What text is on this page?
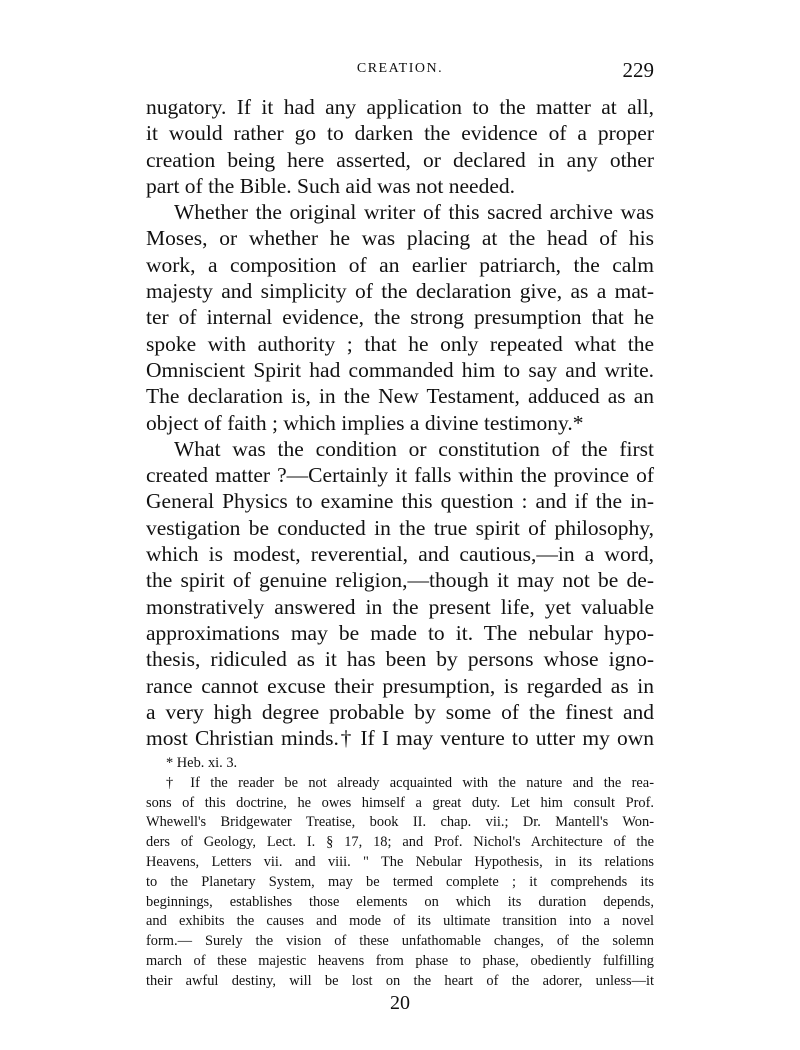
CREATION.	229
nugatory. If it had any application to the matter at all,
it would rather go to darken the evidence of a proper
creation being here asserted, or declared in any other
part of the Bible. Such aid was not needed.
Whether the original writer of this sacred archive was
Moses, or whether he was placing at the head of his
work, a composition of an earlier patriarch, the calm
majesty and simplicity of the declaration give, as a mat-
ter of internal evidence, the strong presumption that he
spoke with authority ; that he only repeated what the
Omniscient Spirit had commanded him to say and write.
The declaration is, in the New Testament, adduced as an
object of faith ; which implies a divine testimony.*
What was the condition or constitution of the first
created matter ?—Certainly it falls within the province of
General Physics to examine this question : and if the in-
vestigation be conducted in the true spirit of philosophy,
which is modest, reverential, and cautious,—in a word,
the spirit of genuine religion,—though it may not be de-
monstratively answered in the present life, yet valuable
approximations may be made to it. The nebular hypo-
thesis, ridiculed as it has been by persons whose igno-
rance cannot excuse their presumption, is regarded as in
a very high degree probable by some of the finest and
most Christian minds.† If I may venture to utter my own
* Heb. xi. 3.
† If the reader be not already acquainted with the nature and the rea-
sons of this doctrine, he owes himself a great duty. Let him consult Prof.
Whewell's Bridgewater Treatise, book II. chap. vii.; Dr. Mantell's Won-
ders of Geology, Lect. I. § 17, 18; and Prof. Nichol's Architecture of the
Heavens, Letters vii. and viii. " The Nebular Hypothesis, in its relations
to the Planetary System, may be termed complete ; it comprehends its
beginnings, establishes those elements on which its duration depends,
and exhibits the causes and mode of its ultimate transition into a novel
form.— Surely the vision of these unfathomable changes, of the solemn
march of these majestic heavens from phase to phase, obediently fulfilling
their awful destiny, will be lost on the heart of the adorer, unless—it
20
